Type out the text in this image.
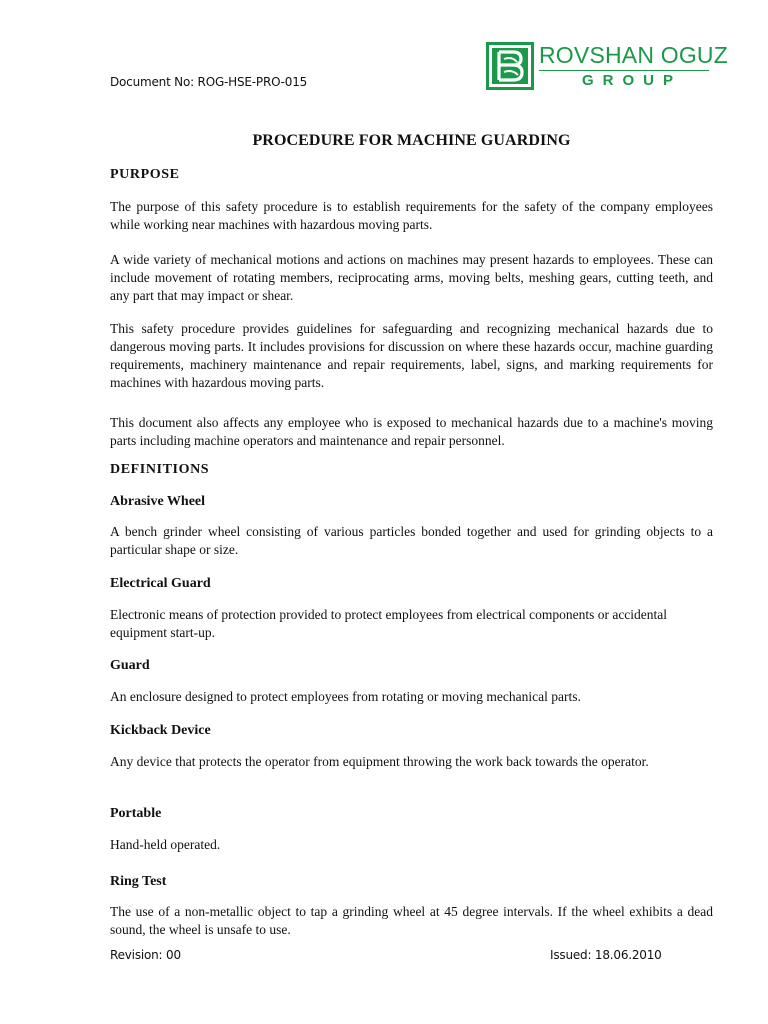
Document No: ROG-HSE-PRO-015
ROVSHAN OGUZ
GROUP
PROCEDURE FOR MACHINE GUARDING
PURPOSE

The purpose of this safety procedure is to establish requirements for the safety of the company employees while working near machines with hazardous moving parts.

A wide variety of mechanical motions and actions on machines may present hazards to employees. These can include movement of rotating members, reciprocating arms, moving belts, meshing gears, cutting teeth, and any part that may impact or shear.

This safety procedure provides guidelines for safeguarding and recognizing mechanical hazards due to dangerous moving parts. It includes provisions for discussion on where these hazards occur, machine guarding requirements, machinery maintenance and repair requirements, label, signs, and marking requirements for machines with hazardous moving parts.

This document also affects any employee who is exposed to mechanical hazards due to a machine's moving parts including machine operators and maintenance and repair personnel.

DEFINITIONS
Abrasive Wheel

A bench grinder wheel consisting of various particles bonded together and used for grinding objects to a particular shape or size.

Electrical Guard

Electronic means of protection provided to protect employees from electrical components or accidental equipment start-up.

Guard

An enclosure designed to protect employees from rotating or moving mechanical parts.

Kickback Device

Any device that protects the operator from equipment throwing the work back towards the operator.

Portable

Hand-held operated.

Ring Test

The use of a non-metallic object to tap a grinding wheel at 45 degree intervals. If the wheel exhibits a dead sound, the wheel is unsafe to use.

Revision: 00	Issued: 18.06.2010
